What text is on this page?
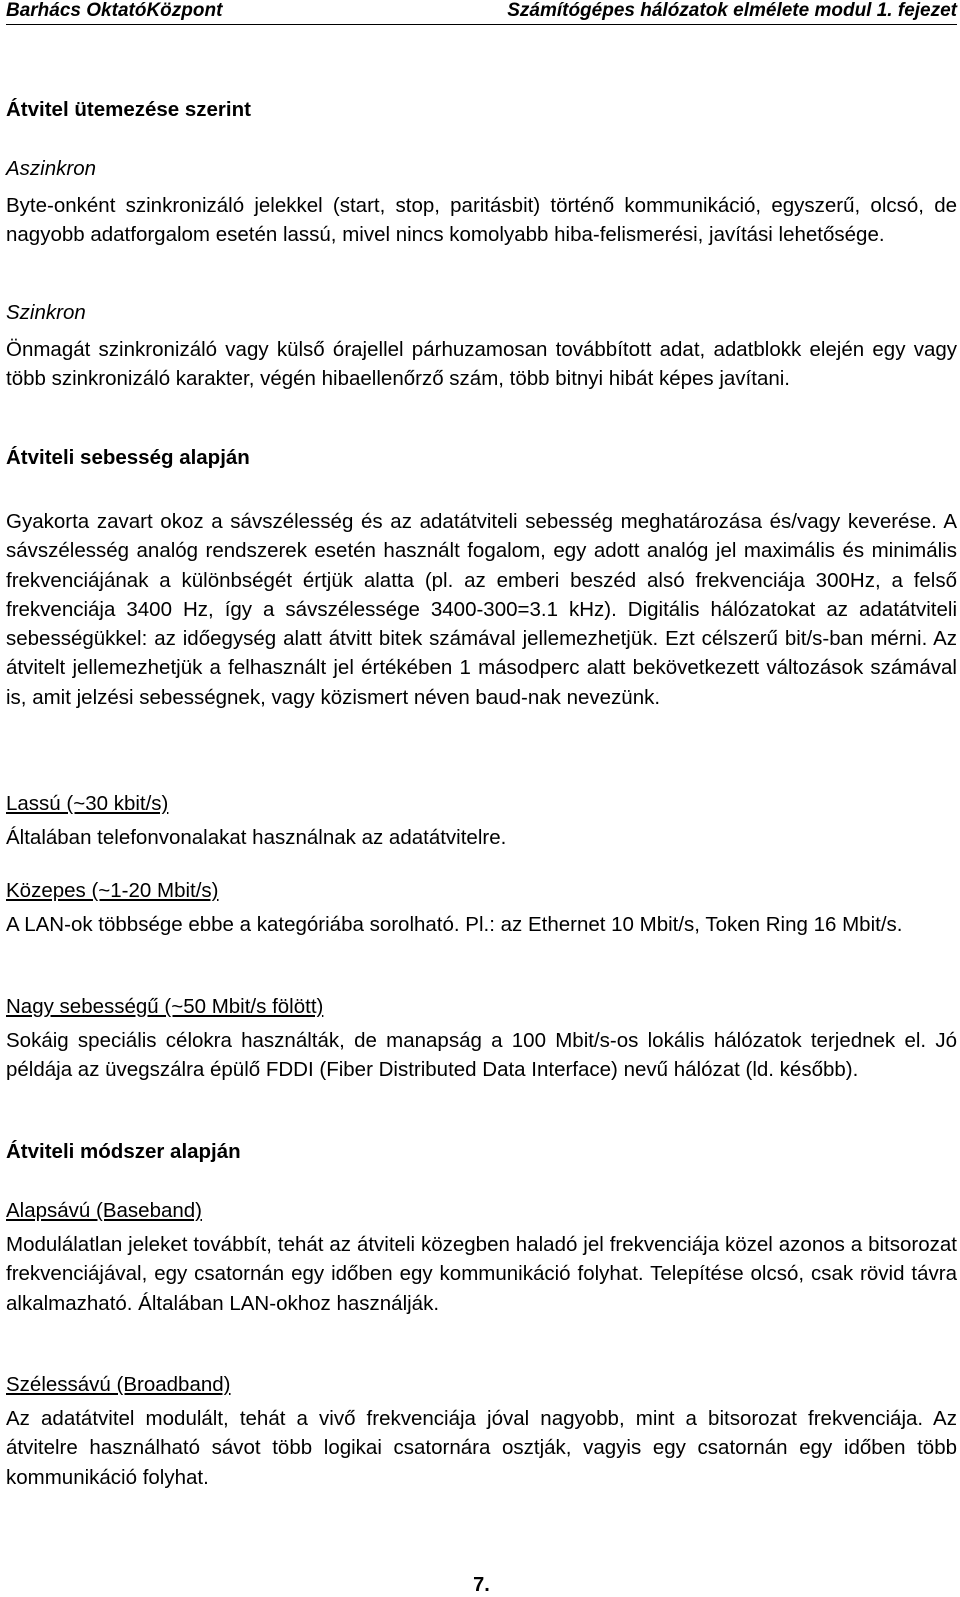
Barhács OktatóKözpont	Számítógépes hálózatok elmélete modul 1. fejezet
Átvitel ütemezése szerint
Aszinkron
Byte-onként szinkronizáló jelekkel (start, stop, paritásbit) történő kommunikáció, egyszerű, olcsó, de nagyobb adatforgalom esetén lassú, mivel nincs komolyabb hiba-felismerési, javítási lehetősége.
Szinkron
Önmagát szinkronizáló vagy külső órajellel párhuzamosan továbbított adat, adatblokk elején egy vagy több szinkronizáló karakter, végén hibaellenőrző szám, több bitnyi hibát képes javítani.
Átviteli sebesség alapján
Gyakorta zavart okoz a sávszélesség és az adatátviteli sebesség meghatározása és/vagy keverése. A sávszélesség analóg rendszerek esetén használt fogalom, egy adott analóg jel maximális és minimális frekvenciájának a különbségét értjük alatta (pl. az emberi beszéd alsó frekvenciája 300Hz, a felső frekvenciája 3400 Hz, így a sávszélessége 3400-300=3.1 kHz). Digitális hálózatokat az adatátviteli sebességükkel: az időegység alatt átvitt bitek számával jellemezhetjük. Ezt célszerű bit/s-ban mérni. Az átvitelt jellemezhetjük a felhasznált jel értékében 1 másodperc alatt bekövetkezett változások számával is, amit jelzési sebességnek, vagy közismert néven baud-nak nevezünk.
Lassú (~30 kbit/s)
Általában telefonvonalakat használnak az adatátvitelre.
Közepes (~1-20 Mbit/s)
A LAN-ok többsége ebbe a kategóriába sorolható. Pl.: az Ethernet 10 Mbit/s, Token Ring 16 Mbit/s.
Nagy sebességű (~50 Mbit/s fölött)
Sokáig speciális célokra használták, de manapság a 100 Mbit/s-os lokális hálózatok terjednek el. Jó példája az üvegszálra épülő FDDI (Fiber Distributed Data Interface) nevű hálózat (ld. később).
Átviteli módszer alapján
Alapsávú (Baseband)
Modulálatlan jeleket továbbít, tehát az átviteli közegben haladó jel frekvenciája közel azonos a bitsorozat frekvenciájával, egy csatornán egy időben egy kommunikáció folyhat. Telepítése olcsó, csak rövid távra alkalmazható. Általában LAN-okhoz használják.
Szélessávú (Broadband)
Az adatátvitel modulált, tehát a vivő frekvenciája jóval nagyobb, mint a bitsorozat frekvenciája. Az átvitelre használható sávot több logikai csatornára osztják, vagyis egy csatornán egy időben több kommunikáció folyhat.
7.
